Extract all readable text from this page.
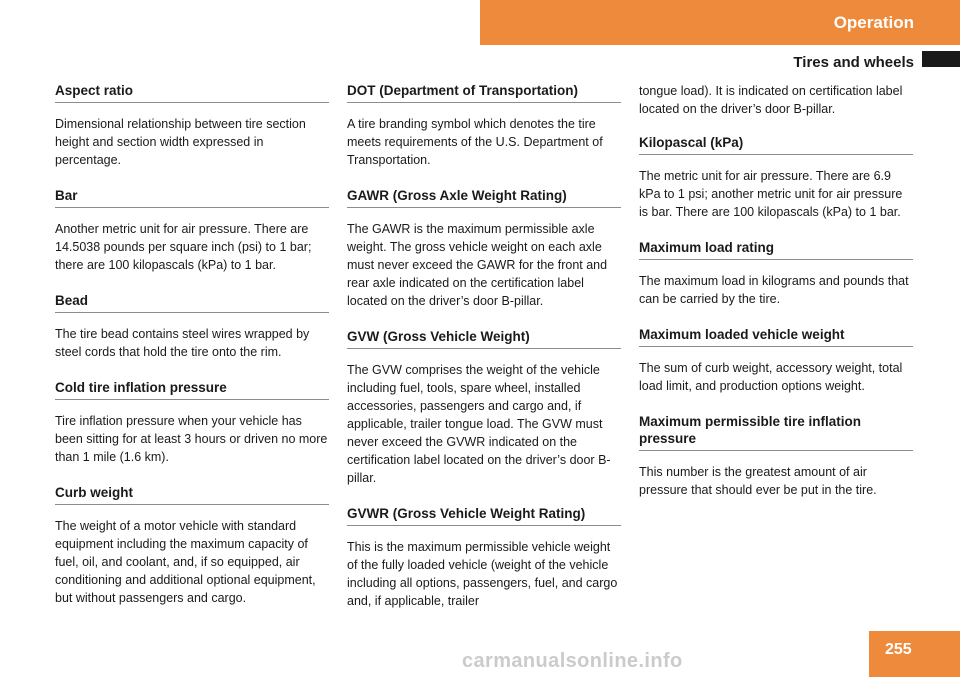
Operation
Tires and wheels
Aspect ratio

Dimensional relationship between tire section height and section width expressed in percentage.

Bar

Another metric unit for air pressure. There are 14.5038 pounds per square inch (psi) to 1 bar; there are 100 kilopascals (kPa) to 1 bar.

Bead

The tire bead contains steel wires wrapped by steel cords that hold the tire onto the rim.

Cold tire inflation pressure

Tire inflation pressure when your vehicle has been sitting for at least 3 hours or driven no more than 1 mile (1.6 km).

Curb weight

The weight of a motor vehicle with standard equipment including the maximum capacity of fuel, oil, and coolant, and, if so equipped, air conditioning and additional optional equipment, but without passengers and cargo.

DOT (Department of Transportation)

A tire branding symbol which denotes the tire meets requirements of the U.S. Department of Transportation.

GAWR (Gross Axle Weight Rating)

The GAWR is the maximum permissible axle weight. The gross vehicle weight on each axle must never exceed the GAWR for the front and rear axle indicated on the certification label located on the driver’s door B-pillar.

GVW (Gross Vehicle Weight)

The GVW comprises the weight of the vehicle including fuel, tools, spare wheel, installed accessories, passengers and cargo and, if applicable, trailer tongue load. The GVW must never exceed the GVWR indicated on the certification label located on the driver’s door B-pillar.

GVWR (Gross Vehicle Weight Rating)

This is the maximum permissible vehicle weight of the fully loaded vehicle (weight of the vehicle including all options, passengers, fuel, and cargo and, if applicable, trailer

tongue load). It is indicated on certification label located on the driver’s door B-pillar.

Kilopascal (kPa)

The metric unit for air pressure. There are 6.9 kPa to 1 psi; another metric unit for air pressure is bar. There are 100 kilopascals (kPa) to 1 bar.

Maximum load rating

The maximum load in kilograms and pounds that can be carried by the tire.

Maximum loaded vehicle weight

The sum of curb weight, accessory weight, total load limit, and production options weight.

Maximum permissible tire inflation pressure

This number is the greatest amount of air pressure that should ever be put in the tire.

carmanualsonline.info
255
